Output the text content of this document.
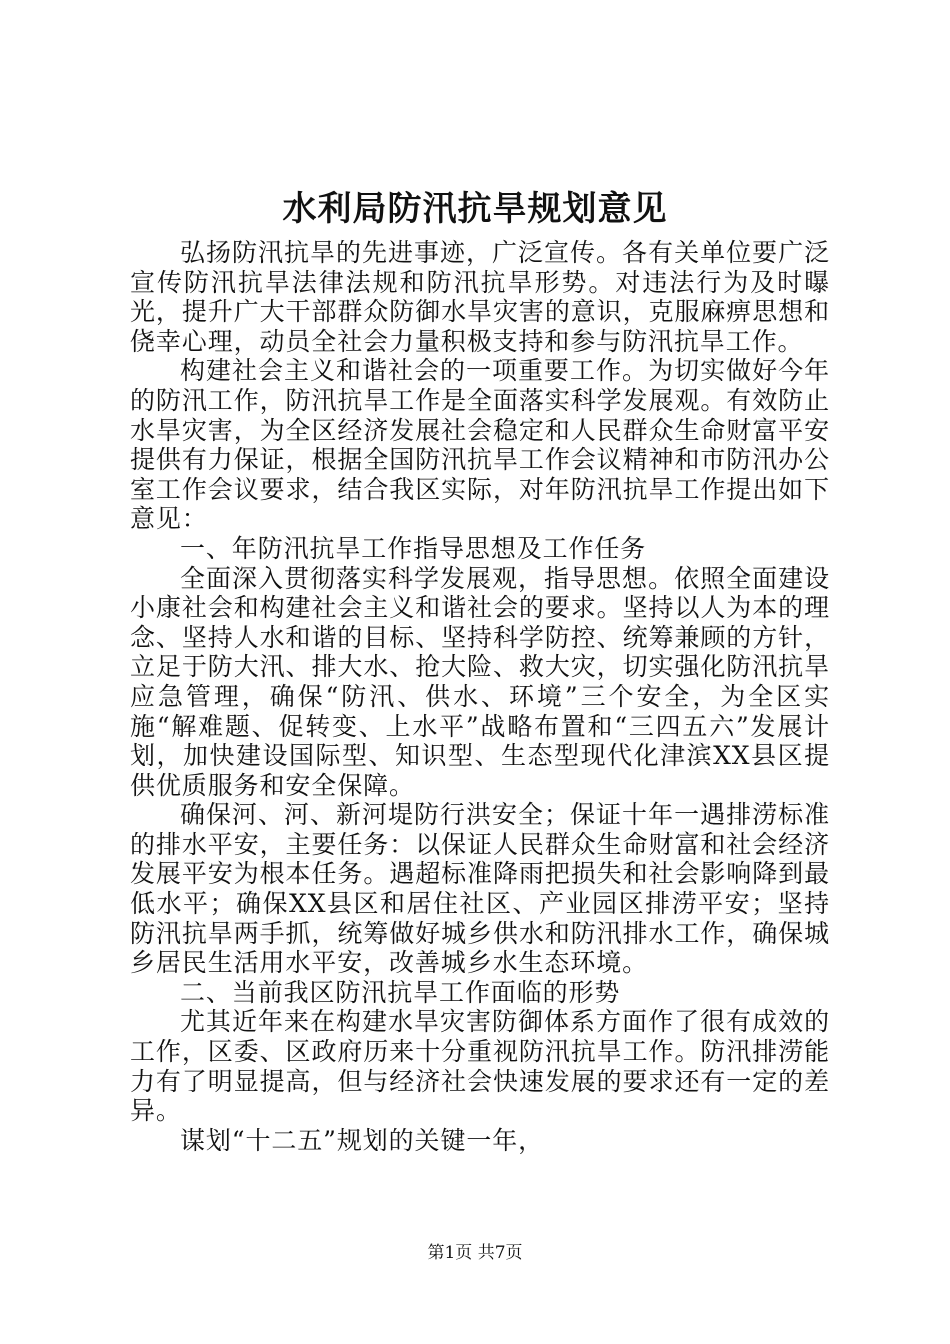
水利局防汛抗旱规划意见

弘扬防汛抗旱的先进事迹，广泛宣传。各有关单位要广泛宣传防汛抗旱法律法规和防汛抗旱形势。对违法行为及时曝光，提升广大干部群众防御水旱灾害的意识，克服麻痹思想和侥幸心理，动员全社会力量积极支持和参与防汛抗旱工作。

构建社会主义和谐社会的一项重要工作。为切实做好今年的防汛工作，防汛抗旱工作是全面落实科学发展观。有效防止水旱灾害，为全区经济发展社会稳定和人民群众生命财富平安提供有力保证，根据全国防汛抗旱工作会议精神和市防汛办公室工作会议要求，结合我区实际，对年防汛抗旱工作提出如下意见：

一、年防汛抗旱工作指导思想及工作任务

全面深入贯彻落实科学发展观，指导思想。依照全面建设小康社会和构建社会主义和谐社会的要求。坚持以人为本的理念、坚持人水和谐的目标、坚持科学防控、统筹兼顾的方针，立足于防大汛、排大水、抢大险、救大灾，切实强化防汛抗旱应急管理，确保“防汛、供水、环境”三个安全，为全区实施“解难题、促转变、上水平”战略布置和“三四五六”发展计划，加快建设国际型、知识型、生态型现代化津滨XX县区提供优质服务和安全保障。

确保河、河、新河堤防行洪安全；保证十年一遇排涝标准的排水平安，主要任务：以保证人民群众生命财富和社会经济发展平安为根本任务。遇超标准降雨把损失和社会影响降到最低水平；确保XX县区和居住社区、产业园区排涝平安；坚持防汛抗旱两手抓，统筹做好城乡供水和防汛排水工作，确保城乡居民生活用水平安，改善城乡水生态环境。

二、当前我区防汛抗旱工作面临的形势

尤其近年来在构建水旱灾害防御体系方面作了很有成效的工作，区委、区政府历来十分重视防汛抗旱工作。防汛排涝能力有了明显提高，但与经济社会快速发展的要求还有一定的差异。

谋划“十二五”规划的关键一年，

第1页 共7页
